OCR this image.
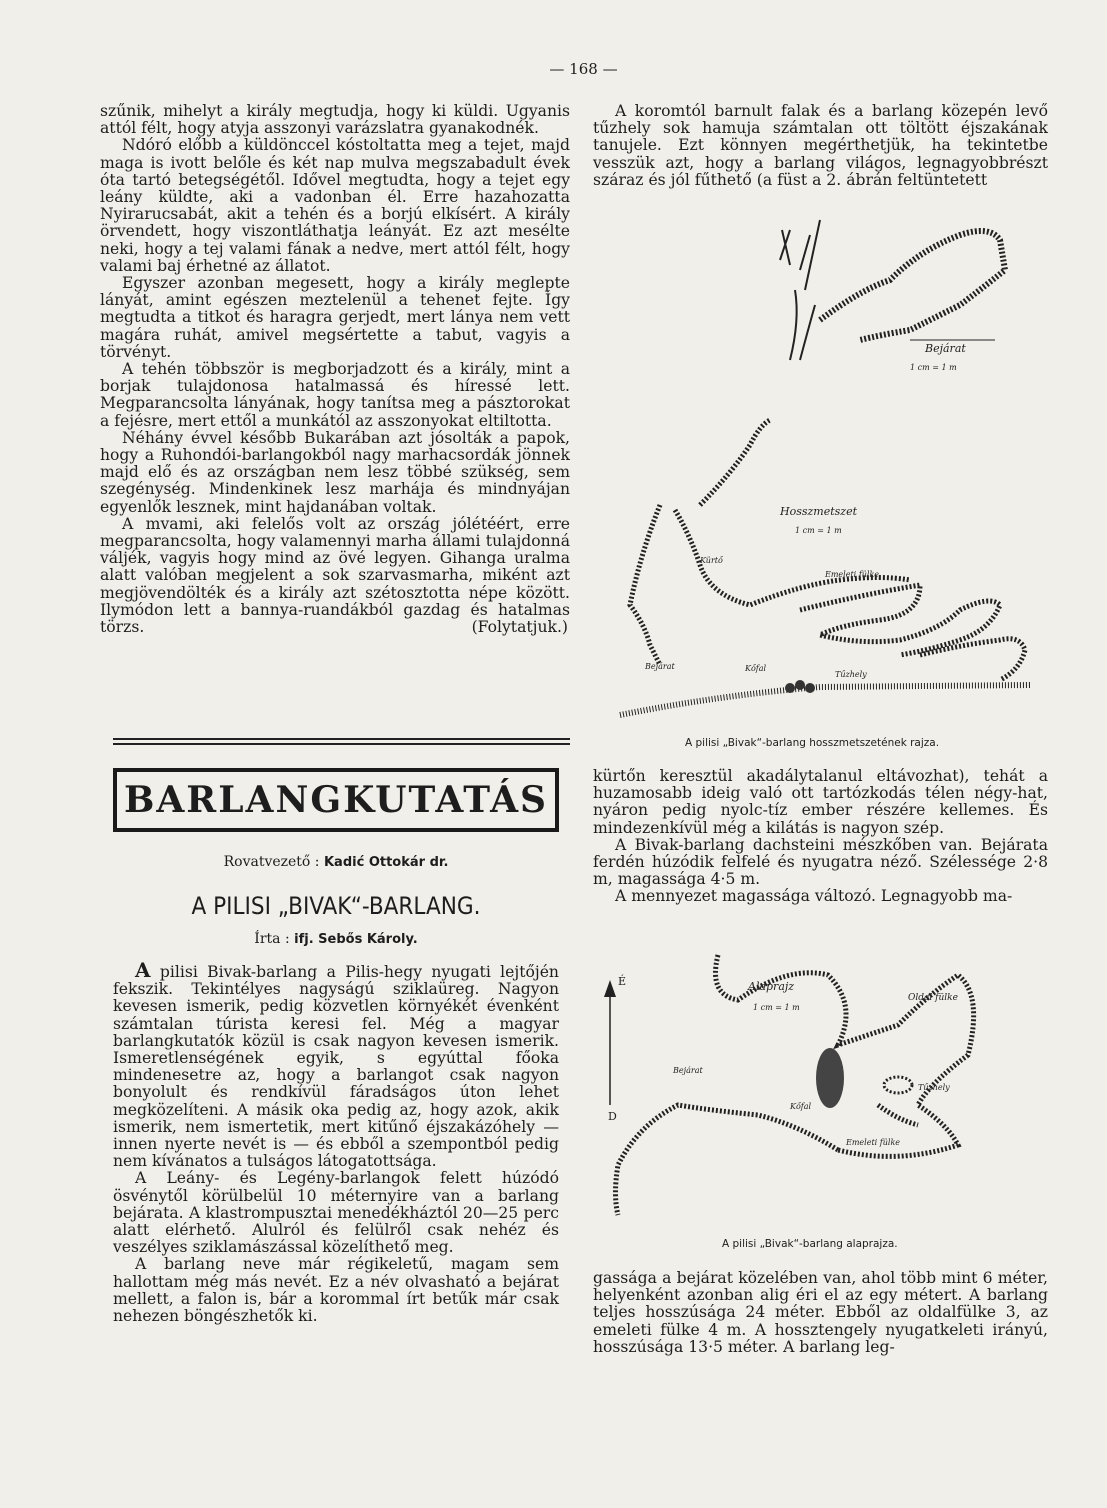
— 168 —

szűnik, mihelyt a király megtudja, hogy ki küldi. Ugyanis attól félt, hogy atyja asszonyi varázslatra gyanakodnék.

Ndóró előbb a küldönccel kóstoltatta meg a tejet, majd maga is ivott belőle és két nap mulva megszabadult évek óta tartó betegségétől. Idővel megtudta, hogy a tejet egy leány küldte, aki a vadonban él. Erre hazahozatta Nyirarucsabát, akit a tehén és a borjú elkísért. A király örvendett, hogy viszontláthatja leányát. Ez azt mesélte neki, hogy a tej valami fának a nedve, mert attól félt, hogy valami baj érhetné az állatot.

Egyszer azonban megesett, hogy a király meglepte lányát, amint egészen meztelenül a tehenet fejte. Így megtudta a titkot és haragra gerjedt, mert lánya nem vett magára ruhát, amivel megsértette a tabut, vagyis a törvényt.

A tehén többször is megborjadzott és a király, mint a borjak tulajdonosa hatalmassá és híressé lett. Megparancsolta lányának, hogy tanítsa meg a pásztorokat a fejésre, mert ettől a munkától az asszonyokat eltiltotta.

Néhány évvel később Bukarában azt jósolták a papok, hogy a Ruhondói-barlangokból nagy marhacsordák jönnek majd elő és az országban nem lesz többé szükség, sem szegénység. Mindenkinek lesz marhája és mindnyájan egyenlők lesznek, mint hajdanában voltak.

A mvami, aki felelős volt az ország jólétéért, erre megparancsolta, hogy valamennyi marha állami tulajdonná váljék, vagyis hogy mind az övé legyen. Gihanga uralma alatt valóban megjelent a sok szarvasmarha, miként azt megjövendölték és a király azt szétosztotta népe között. Ilymódon lett a bannya-ruandákból gazdag és hatalmas törzs.	(Folytatjuk.)
BARLANGKUTATÁS
Rovatvezető : Kadić Ottokár dr.
A PILISI „BIVAK“-BARLANG.
Írta : ifj. Sebős Károly.

A pilisi Bivak-barlang a Pilis-hegy nyugati lejtőjén fekszik. Tekintélyes nagyságú sziklaüreg. Nagyon kevesen ismerik, pedig közvetlen környékét évenként számtalan túrista keresi fel. Még a magyar barlangkutatók közül is csak nagyon kevesen ismerik. Ismeretlenségének egyik, s egyúttal főoka mindenesetre az, hogy a barlangot csak nagyon bonyolult és rendkívül fáradságos úton lehet megközelíteni. A másik oka pedig az, hogy azok, akik ismerik, nem ismertetik, mert kitűnő éjszakázóhely — innen nyerte nevét is — és ebből a szempontból pedig nem kívánatos a tulságos látogatottsága.

A Leány- és Legény-barlangok felett húzódó ösvénytől körülbelül 10 méternyire van a barlang bejárata. A klastrompusztai menedékháztól 20—25 perc alatt elérhető. Alulról és felülről csak nehéz és veszélyes sziklamászással közelíthető meg.

A barlang neve már régikeletű, magam sem hallottam még más nevét. Ez a név olvasható a bejárat mellett, a falon is, bár a korommal írt betűk már csak nehezen böngészhetők ki.

A koromtól barnult falak és a barlang közepén levő tűzhely sok hamuja számtalan ott töltött éjszakának tanujele. Ezt könnyen megérthetjük, ha tekintetbe vesszük azt, hogy a barlang világos, legnagyobbrészt száraz és jól fűthető (a füst a 2. ábrán feltüntetett

Bejárat
1 cm = 1 m
Hosszmetszet
1 cm = 1 m
Kürtő
Emeleti fülke
Bejárat	Kőfal
Tűzhely
A pilisi „Bivak“-barlang hosszmetszetének rajza.

kürtőn keresztül akadálytalanul eltávozhat), tehát a huzamosabb ideig való ott tartózkodás télen négy-hat, nyáron pedig nyolc-tíz ember részére kellemes. És mindezenkívül még a kilátás is nagyon szép.

A Bivak-barlang dachsteini mészkőben van. Bejárata ferdén húzódik felfelé és nyugatra néző. Szélessége 2·8 m, magassága 4·5 m.

A mennyezet magassága változó. Legnagyobb ma-

É
D
Alaprajz
1 cm = 1 m
Oldal fülke
Bejárat
Kőfal
Tűzhely
Emeleti fülke
A pilisi „Bivak“-barlang alaprajza.

gassága a bejárat közelében van, ahol több mint 6 méter, helyenként azonban alig éri el az egy métert. A barlang teljes hosszúsága 24 méter. Ebből az oldalfülke 3, az emeleti fülke 4 m. A hossztengely nyugatkeleti irányú, hosszúsága 13·5 méter. A barlang leg-
